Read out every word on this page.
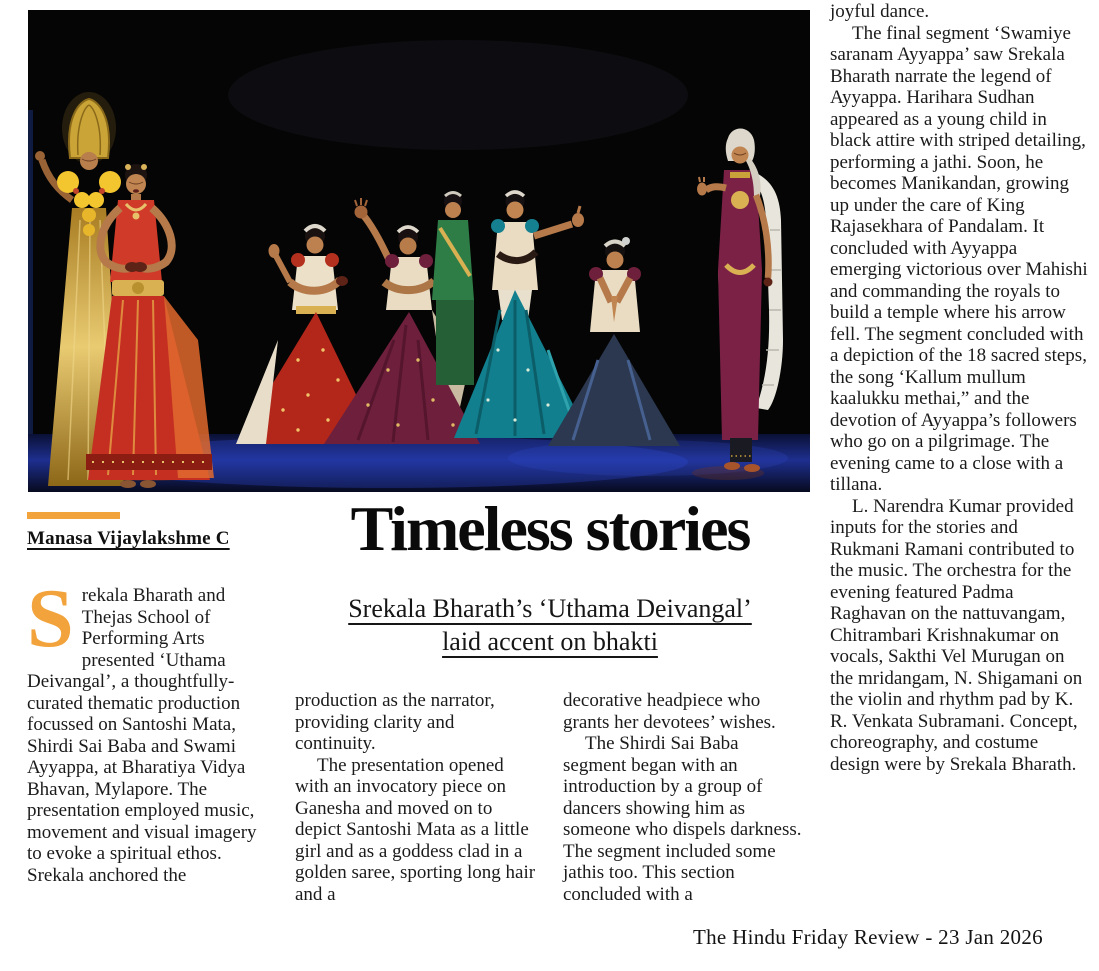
Manasa Vijaylakshme C	Timeless stories
Srekala Bharath’s ‘Uthama Deivangal’
laid accent on bhakti

Srekala Bharath and Thejas School of Performing Arts presented ‘Uthama Deivangal’, a thoughtfully-curated thematic production focussed on Santoshi Mata, Shirdi Sai Baba and Swami Ayyappa, at Bharatiya Vidya Bhavan, Mylapore. The presentation employed music, movement and visual imagery to evoke a spiritual ethos. Srekala anchored the

production as the narrator, providing clarity and continuity.

The presentation opened with an invocatory piece on Ganesha and moved on to depict Santoshi Mata as a little girl and as a goddess clad in a golden saree, sporting long hair and a

decorative headpiece who grants her devotees’ wishes.

The Shirdi Sai Baba segment began with an introduction by a group of dancers showing him as someone who dispels darkness. The segment included some jathis too. This section concluded with a

joyful dance.

The final segment ‘Swamiye saranam Ayyappa’ saw Srekala Bharath narrate the legend of Ayyappa. Harihara Sudhan appeared as a young child in black attire with striped detailing, performing a jathi. Soon, he becomes Manikandan, growing up under the care of King Rajasekhara of Pandalam. It concluded with Ayyappa emerging victorious over Mahishi and commanding the royals to build a temple where his arrow fell. The segment concluded with a depiction of the 18 sacred steps, the song ‘Kallum mullum kaalukku methai,” and the devotion of Ayyappa’s followers who go on a pilgrimage. The evening came to a close with a tillana.

L. Narendra Kumar provided inputs for the stories and Rukmani Ramani contributed to the music. The orchestra for the evening featured Padma Raghavan on the nattuvangam, Chitrambari Krishnakumar on vocals, Sakthi Vel Murugan on the mridangam, N. Shigamani on the violin and rhythm pad by K. R. Venkata Subramani. Concept, choreography, and costume design were by Srekala Bharath.

The Hindu Friday Review - 23 Jan 2026
